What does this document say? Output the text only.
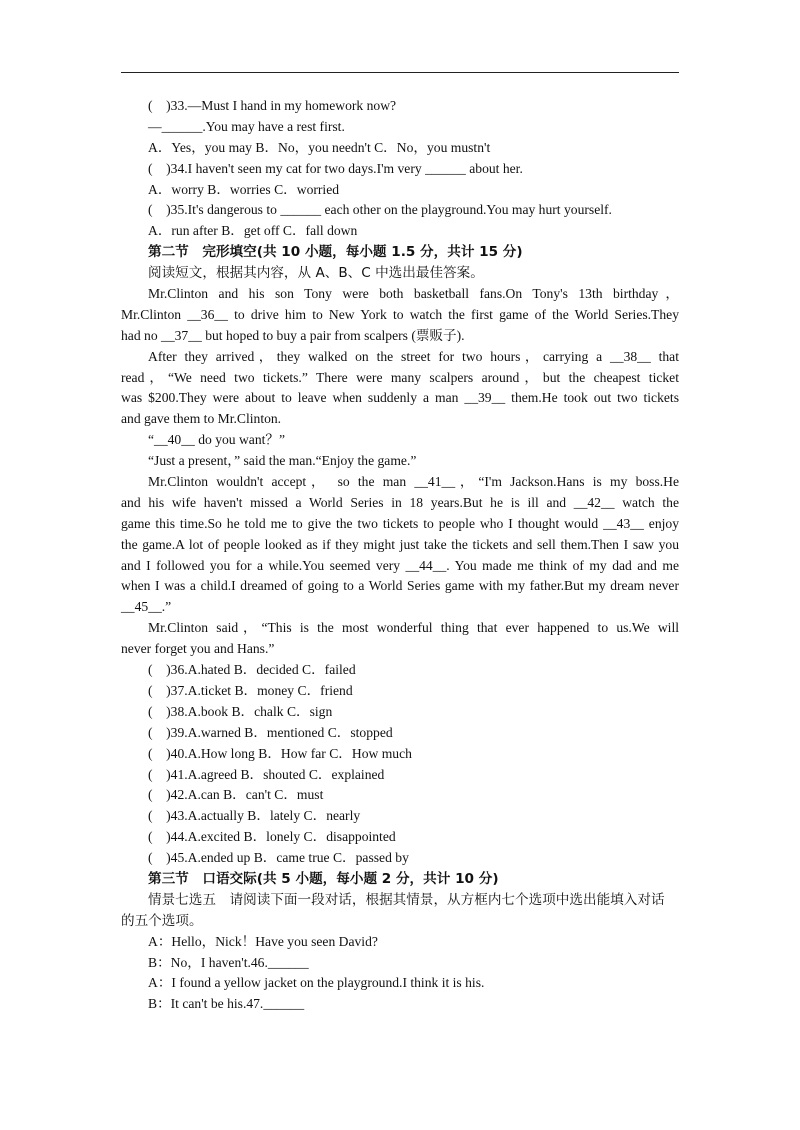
(　)33.—Must I hand in my homework now?
—______.You may have a rest first.
A．Yes，you may B．No，you needn't C．No，you mustn't
(　)34.I haven't seen my cat for two days.I'm very ______ about her.
A．worry B．worries C．worried
(　)35.It's dangerous to ______ each other on the playground.You may hurt yourself.
A．run after B．get off C．fall down
第二节　完形填空(共 10 小题，每小题 1.5 分，共计 15 分)
阅读短文，根据其内容，从 A、B、C 中选出最佳答案。
Mr.Clinton and his son Tony were both basketball fans.On Tony's 13th birthday，
Mr.Clinton __36__ to drive him to New York to watch the first game of the World Series.They
had no __37__ but hoped to buy a pair from scalpers (票贩子).
After they arrived，they walked on the street for two hours，carrying a __38__ that
read，“We need two tickets.” There were many scalpers around，but the cheapest ticket
was $200.They were about to leave when suddenly a man __39__ them.He took out two tickets
and gave them to Mr.Clinton.
“__40__ do you want？”
“Just a present，” said the man.“Enjoy the game.”
Mr.Clinton wouldn't accept， so the man __41__，“I'm Jackson.Hans is my boss.He
and his wife haven't missed a World Series in 18 years.But he is ill and __42__ watch the
game this time.So he told me to give the two tickets to people who I thought would __43__ enjoy
the game.A lot of people looked as if they might just take the tickets and sell them.Then I saw you
and I followed you for a while.You seemed very __44__. You made me think of my dad and me
when I was a child.I dreamed of going to a World Series game with my father.But my dream never
__45__.”
Mr.Clinton said，“This is the most wonderful thing that ever happened to us.We will
never forget you and Hans.”
(　)36.A.hated B．decided C．failed
(　)37.A.ticket B．money C．friend
(　)38.A.book B．chalk C．sign
(　)39.A.warned B．mentioned C．stopped
(　)40.A.How long B．How far C．How much
(　)41.A.agreed B．shouted C．explained
(　)42.A.can B．can't C．must
(　)43.A.actually B．lately C．nearly
(　)44.A.excited B．lonely C．disappointed
(　)45.A.ended up B．came true C．passed by
第三节　口语交际(共 5 小题，每小题 2 分，共计 10 分)
情景七选五　请阅读下面一段对话，根据其情景，从方框内七个选项中选出能填入对话
的五个选项。
A：Hello，Nick！Have you seen David?
B：No，I haven't.46.______
A：I found a yellow jacket on the playground.I think it is his.
B：It can't be his.47.______
